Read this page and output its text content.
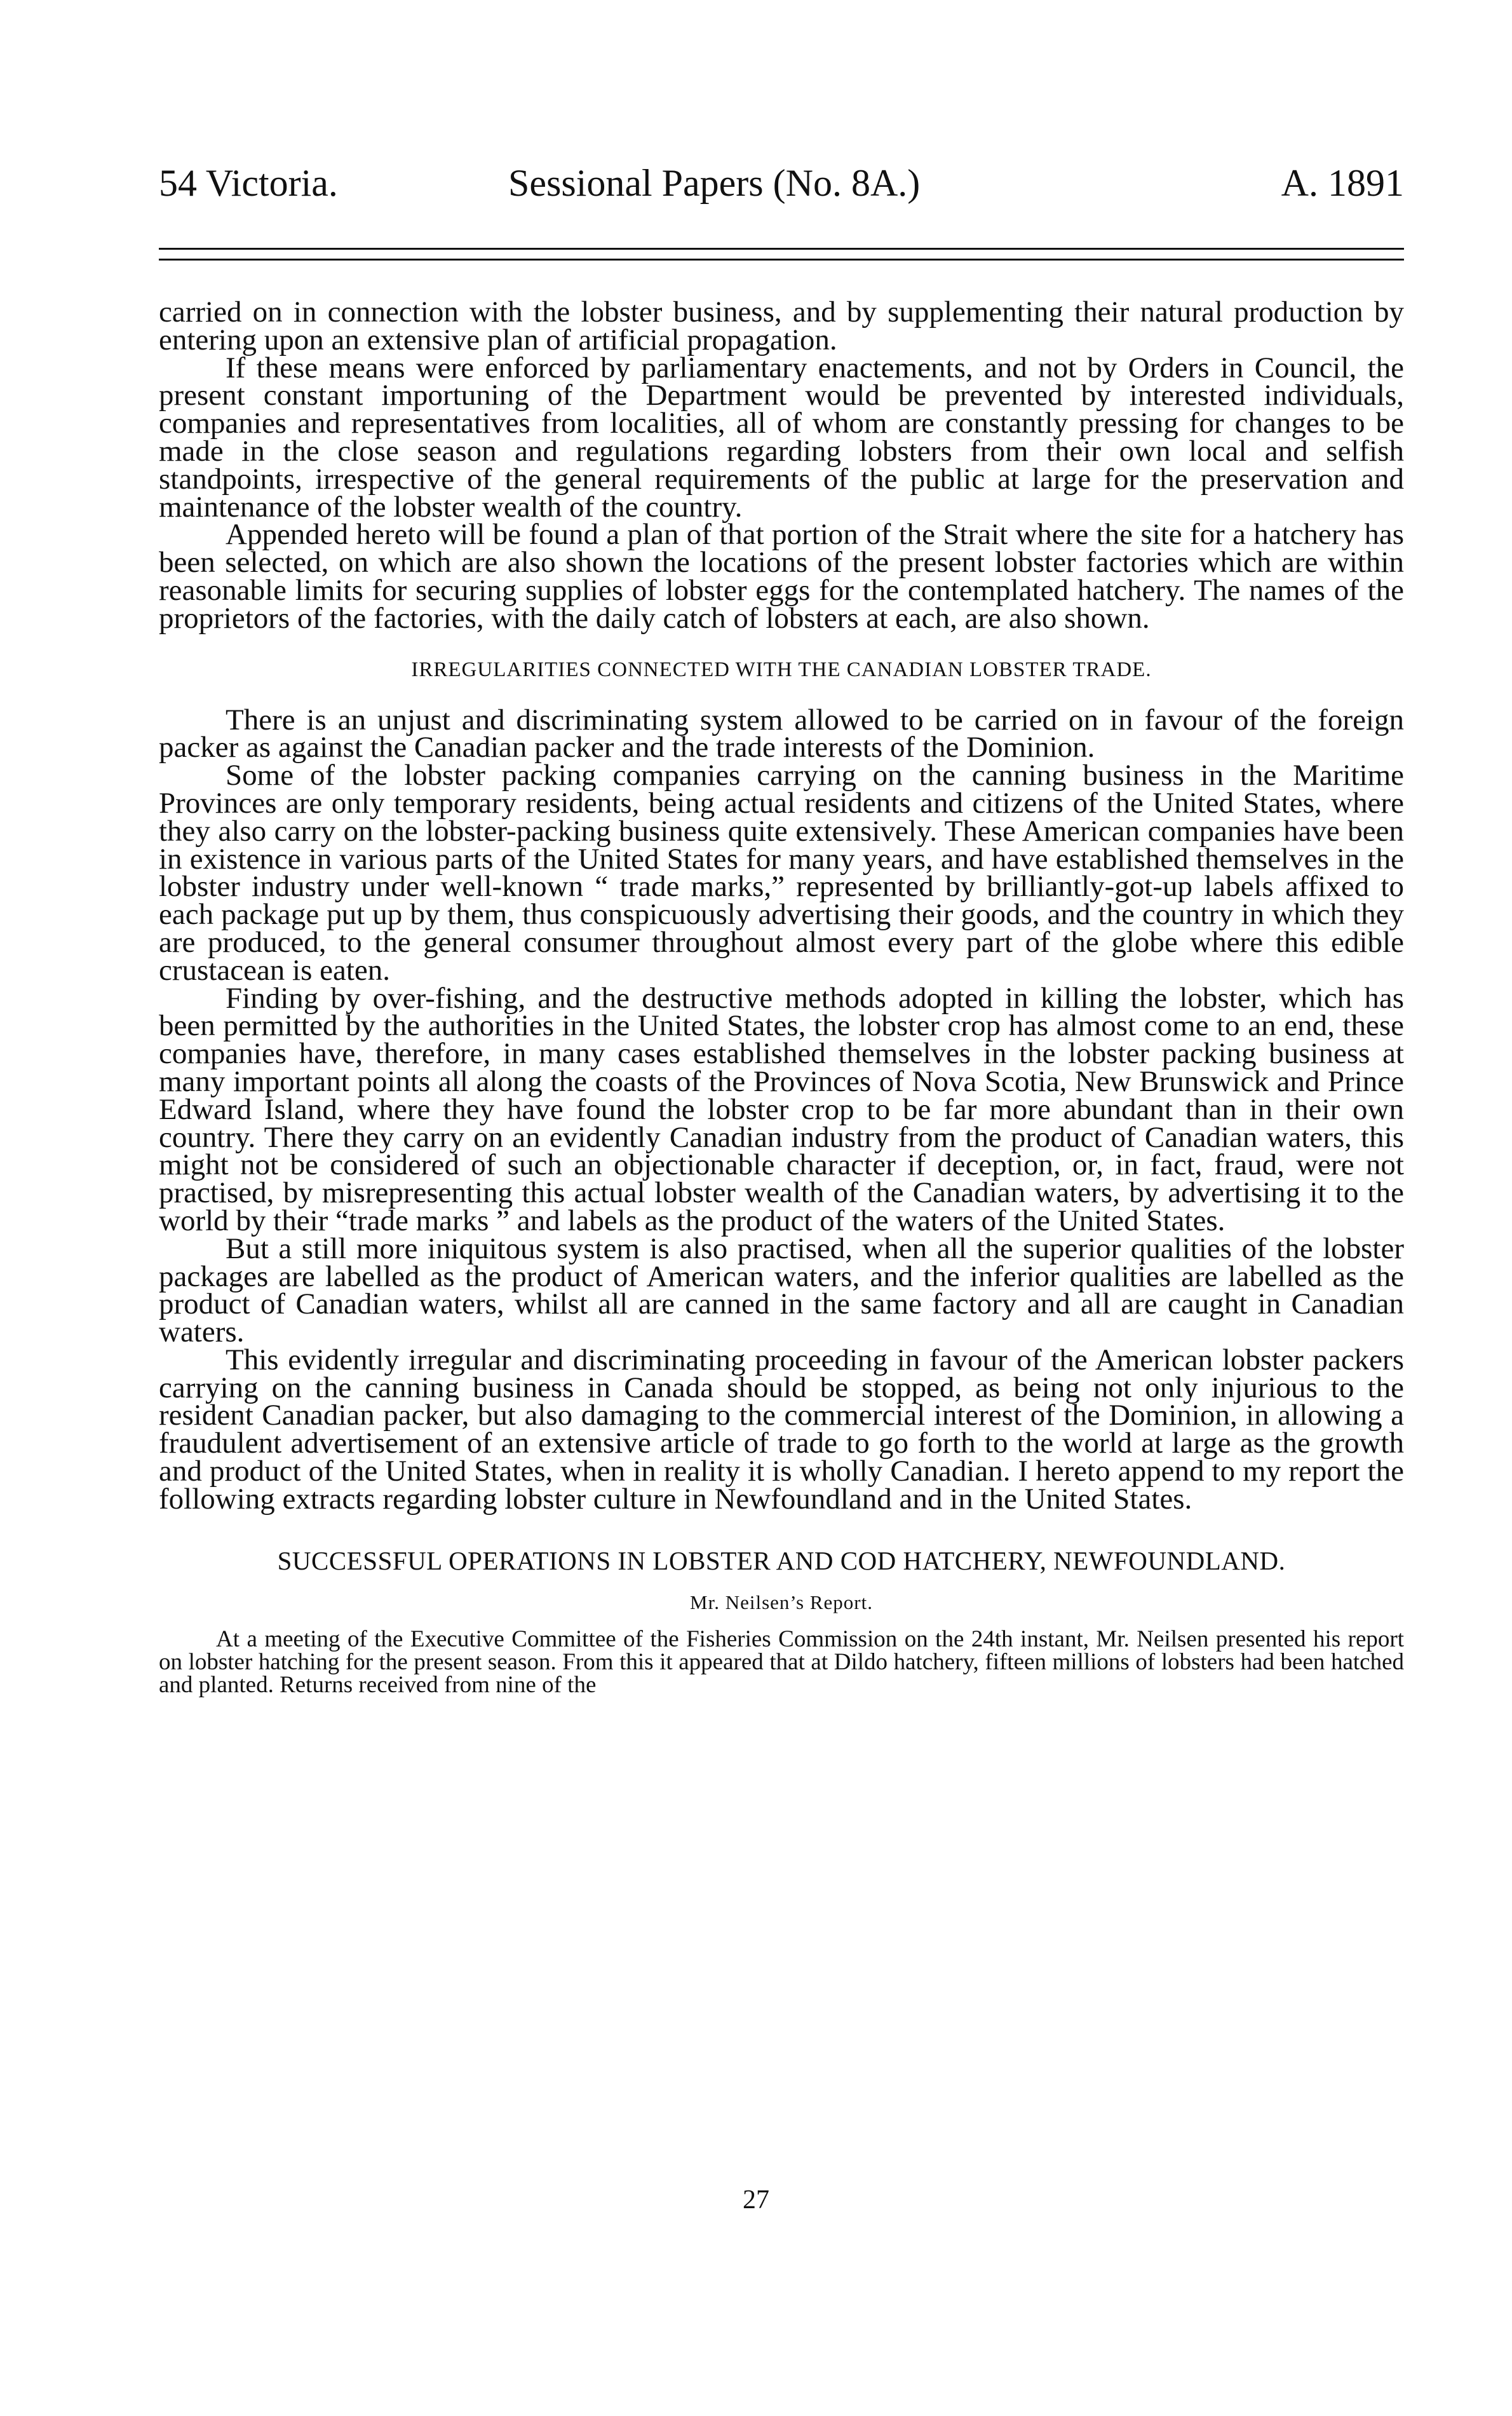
54 Victoria.	Sessional Papers (No. 8A.)	A. 1891

carried on in connection with the lobster business, and by supplementing their natural production by entering upon an extensive plan of artificial propagation.

If these means were enforced by parliamentary enactements, and not by Orders in Council, the present constant importuning of the Department would be prevented by interested individuals, companies and representatives from localities, all of whom are constantly pressing for changes to be made in the close season and regulations regarding lobsters from their own local and selfish standpoints, irrespective of the general requirements of the public at large for the preservation and maintenance of the lobster wealth of the country.

Appended hereto will be found a plan of that portion of the Strait where the site for a hatchery has been selected, on which are also shown the locations of the present lobster factories which are within reasonable limits for securing supplies of lobster eggs for the contemplated hatchery. The names of the proprietors of the factories, with the daily catch of lobsters at each, are also shown.

IRREGULARITIES CONNECTED WITH THE CANADIAN LOBSTER TRADE.

There is an unjust and discriminating system allowed to be carried on in favour of the foreign packer as against the Canadian packer and the trade interests of the Dominion.

Some of the lobster packing companies carrying on the canning business in the Maritime Provinces are only temporary residents, being actual residents and citizens of the United States, where they also carry on the lobster-packing business quite extensively. These American companies have been in existence in various parts of the United States for many years, and have established themselves in the lobster industry under well-known “ trade marks,” represented by brilliantly-got-up labels affixed to each package put up by them, thus conspicuously advertising their goods, and the country in which they are produced, to the general consumer throughout almost every part of the globe where this edible crustacean is eaten.

Finding by over-fishing, and the destructive methods adopted in killing the lobster, which has been permitted by the authorities in the United States, the lobster crop has almost come to an end, these companies have, therefore, in many cases established themselves in the lobster packing business at many important points all along the coasts of the Provinces of Nova Scotia, New Brunswick and Prince Edward Island, where they have found the lobster crop to be far more abundant than in their own country. There they carry on an evidently Canadian industry from the product of Canadian waters, this might not be considered of such an objectionable character if deception, or, in fact, fraud, were not practised, by misrepresenting this actual lobster wealth of the Canadian waters, by advertising it to the world by their “trade marks ” and labels as the product of the waters of the United States.

But a still more iniquitous system is also practised, when all the superior qualities of the lobster packages are labelled as the product of American waters, and the inferior qualities are labelled as the product of Canadian waters, whilst all are canned in the same factory and all are caught in Canadian waters.

This evidently irregular and discriminating proceeding in favour of the American lobster packers carrying on the canning business in Canada should be stopped, as being not only injurious to the resident Canadian packer, but also damaging to the commercial interest of the Dominion, in allowing a fraudulent advertisement of an extensive article of trade to go forth to the world at large as the growth and product of the United States, when in reality it is wholly Canadian. I hereto append to my report the following extracts regarding lobster culture in Newfoundland and in the United States.

SUCCESSFUL OPERATIONS IN LOBSTER AND COD HATCHERY, NEWFOUNDLAND.
Mr. Neilsen’s Report.

At a meeting of the Executive Committee of the Fisheries Commission on the 24th instant, Mr. Neilsen presented his report on lobster hatching for the present season. From this it appeared that at Dildo hatchery, fifteen millions of lobsters had been hatched and planted. Returns received from nine of the

27
